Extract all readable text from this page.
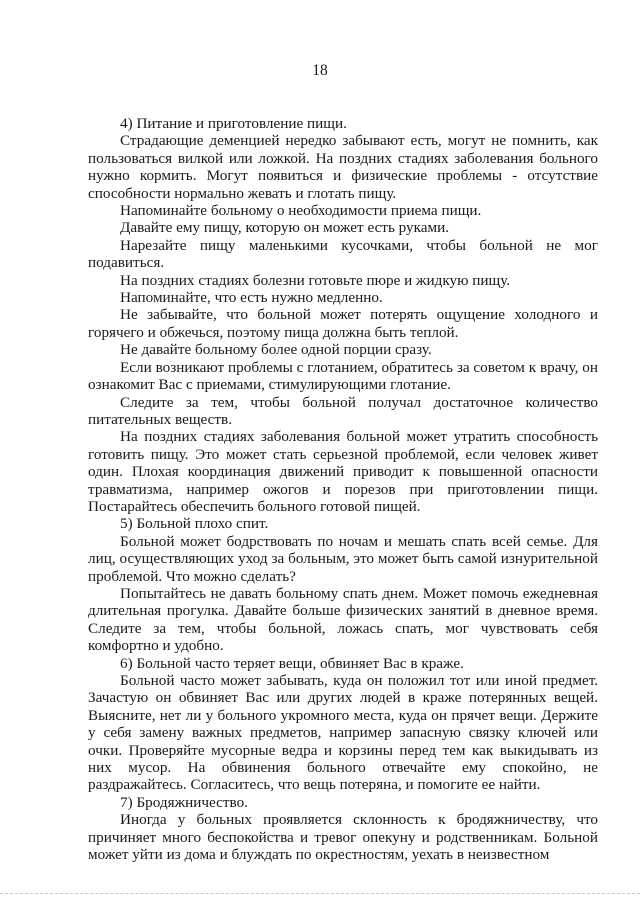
18

4) Питание и приготовление пищи.

Страдающие деменцией нередко забывают есть, могут не помнить, как пользоваться вилкой или ложкой. На поздних стадиях заболевания больного нужно кормить. Могут появиться и физические проблемы - отсутствие способности нормально жевать и глотать пищу.

Напоминайте больному о необходимости приема пищи.

Давайте ему пищу, которую он может есть руками.

Нарезайте пищу маленькими кусочками, чтобы больной не мог подавиться.

На поздних стадиях болезни готовьте пюре и жидкую пищу.

Напоминайте, что есть нужно медленно.

Не забывайте, что больной может потерять ощущение холодного и горячего и обжечься, поэтому пища должна быть теплой.

Не давайте больному более одной порции сразу.

Если возникают проблемы с глотанием, обратитесь за советом к врачу, он ознакомит Вас с приемами, стимулирующими глотание.

Следите за тем, чтобы больной получал достаточное количество питательных веществ.

На поздних стадиях заболевания больной может утратить способность готовить пищу. Это может стать серьезной проблемой, если человек живет один. Плохая координация движений приводит к повышенной опасности травматизма, например ожогов и порезов при приготовлении пищи. Постарайтесь обеспечить больного готовой пищей.

5) Больной плохо спит.

Больной может бодрствовать по ночам и мешать спать всей семье. Для лиц, осуществляющих уход за больным, это может быть самой изнурительной проблемой. Что можно сделать?

Попытайтесь не давать больному спать днем. Может помочь ежедневная длительная прогулка. Давайте больше физических занятий в дневное время. Следите за тем, чтобы больной, ложась спать, мог чувствовать себя комфортно и удобно.

6) Больной часто теряет вещи, обвиняет Вас в краже.

Больной часто может забывать, куда он положил тот или иной предмет. Зачастую он обвиняет Вас или других людей в краже потерянных вещей. Выясните, нет ли у больного укромного места, куда он прячет вещи. Держите у себя замену важных предметов, например запасную связку ключей или очки. Проверяйте мусорные ведра и корзины перед тем как выкидывать из них мусор. На обвинения больного отвечайте ему спокойно, не раздражайтесь. Согласитесь, что вещь потеряна, и помогите ее найти.

7) Бродяжничество.

Иногда у больных проявляется склонность к бродяжничеству, что причиняет много беспокойства и тревог опекуну и родственникам. Больной может уйти из дома и блуждать по окрестностям, уехать в неизвестном
